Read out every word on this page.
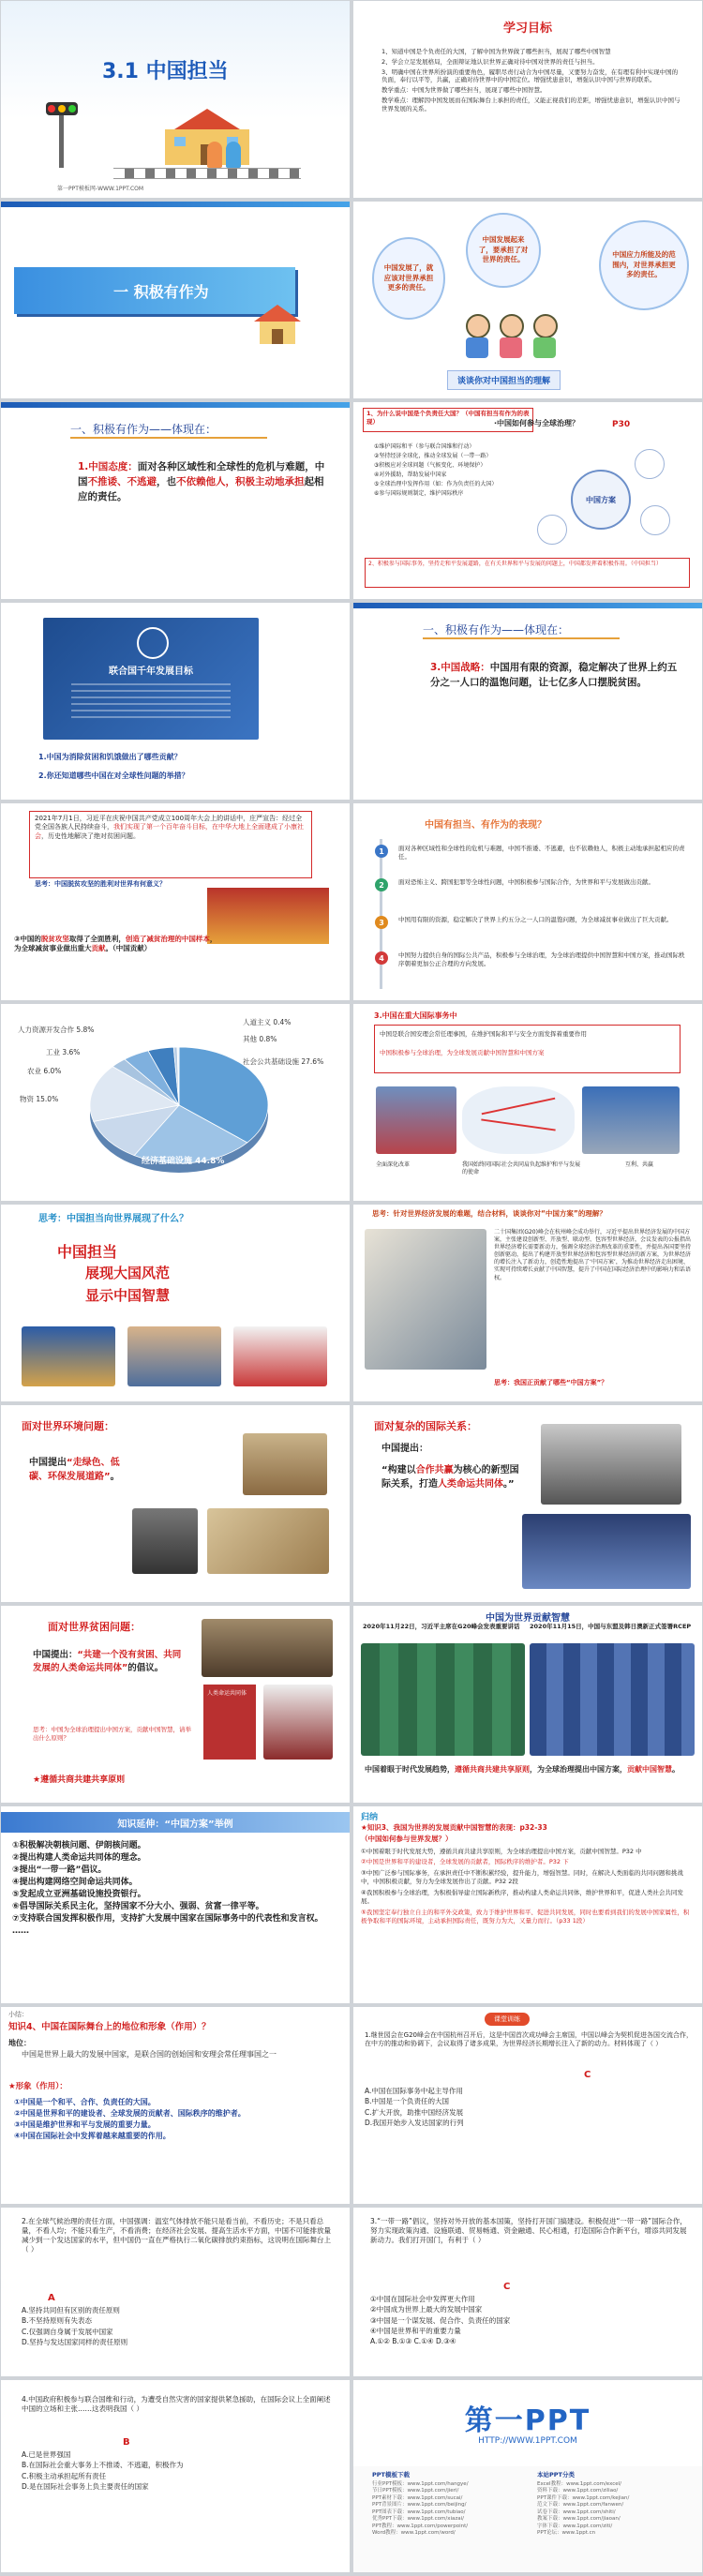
3.1 中国担当
第一PPT模板网-WWW.1PPT.COM
学习目标
1、知道中国是个负责任的大国，了解中国为世界做了哪些担当，展现了哪些中国智慧
2、学会立足发展格局，全面辩证地认识世界正确对待中国对世界的责任与担当。
3、明确中国在世界所扮演的重要角色，履职尽责行动合为中国尽量，又要努力奋发，在有理有利中实现中国的负面，奉行以平等，共赢，正确对待世界中的中国定位。增强忧患意识，增强认识中国与世界的联系。
教学重点：中国为世界做了哪些担当，展现了哪些中国智慧。
教学难点：理解因中国发展而在国际舞台上承担的责任，又能正视我们的差距，增强忧患意识，增强认识中国与世界发展的关系。
一 积极有作为
中国发展了，就应该对世界承担更多的责任。
中国发展起来了，要承担了对世界的责任。
中国应力所能及的范围内，对世界承担更多的责任。
谈谈你对中国担当的理解
一、积极有作为——体现在：
1.中国态度：面对各种区域性和全球性的危机与难题，中国不推诿、不逃避，也不依赖他人，积极主动地承担起相应的责任。
1、为什么说中国是个负责任大国？（中国有担当有作为的表现）	·中国如何参与全球治理？	P30
①维护国际和平（参与联合国维和行动）
②坚持经济全球化，推动全球发展（一带一路）
③积极应对全球问题（气候变化、环境保护）
④对外援助，帮助发展中国家
⑤全球治理中发挥作用（如：作为负责任的大国）
⑥参与国际规则制定，维护国际秩序
中国方案
2、积极参与国际事务，坚持走和平发展道路，在有关世界和平与发展的问题上，中国都发挥着积极作用。（中国担当）
联合国千年发展目标
1.中国为消除贫困和饥饿做出了哪些贡献？
2.你还知道哪些中国在对全球性问题的举措？
一、积极有作为——体现在：
3.中国战略：中国用有限的资源，稳定解决了世界上约五分之一人口的温饱问题，让七亿多人口摆脱贫困。
2021年7月1日，习近平在庆祝中国共产党成立100周年大会上的讲话中，庄严宣告：经过全党全国各族人民持续奋斗，我们实现了第一个百年奋斗目标，在中华大地上全面建成了小康社会，历史性地解决了绝对贫困问题。
思考：中国脱贫攻坚的胜利对世界有何意义？
③中国的脱贫攻坚取得了全面胜利，创造了减贫治理的中国样本，为全球减贫事业做出重大贡献。（中国贡献）
中国有担当、有作为的表现？
1
2
3
4
面对各种区域性和全球性的危机与难题，中国不推诿、不逃避，也不依赖他人，积极主动地承担起相应的责任。
面对恐怖主义、跨国犯罪等全球性问题，中国积极参与国际合作，为世界和平与发展做出贡献。
中国用有限的资源，稳定解决了世界上约五分之一人口的温饱问题，为全球减贫事业做出了巨大贡献。
中国努力提供自身的国际公共产品，积极参与全球治理，为全球治理提供中国智慧和中国方案，推动国际秩序朝着更加公正合理的方向发展。
人力资源开发合作 5.8%
工业 3.6%
农业 6.0%
物资 15.0%
经济基础设施 44.8%
社会公共基础设施 27.6%
人道主义 0.4%
其他 0.8%
3.中国在重大国际事务中
中国是联合国安理会常任理事国，在维护国际和平与安全方面发挥着重要作用
中国积极参与全球治理，为全球发展贡献中国智慧和中国方案
全面深化改革	我国始终同国际社会共同肩负起维护和平与发展的使命
互利、共赢
思考：中国担当向世界展现了什么？
中国担当
展现大国风范
显示中国智慧
思考：针对世界经济发展的难题，结合材料，谈谈你对“中国方案”的理解？
二十国集团(G20)峰会在杭州峰会成功举行，习近平提出世界经济发展的中国方案，主张建设创新型、开放型、联动型、包容型世界经济，会议发表的公报指出世界经济增长需要新动力，强调全球经济治理改革的重要性，并提出各国要坚持创新驱动，提出了构建开放型世界经济和包容型世界经济的新方案，为世界经济的增长注入了新动力，创造性地提出了‘中国方案’，为推动世界经济走出困境、实现可持续增长贡献了中国智慧，提升了中国在国际经济治理中的影响力和话语权。
思考：我国正贡献了哪些“中国方案”？
面对世界环境问题：
中国提出“走绿色、低碳、环保发展道路”。
面对复杂的国际关系：
中国提出：
“构建以合作共赢为核心的新型国际关系，打造人类命运共同体。”
面对世界贫困问题：
中国提出：“共建一个没有贫困、共同发展的人类命运共同体”的倡议。
人类命运共同体
思考：中国为全球治理提出中国方案，贡献中国智慧，请举出什么原则？
★遵循共商共建共享原则
中国为世界贡献智慧
2020年11月22日，习近平主席在G20峰会发表重要讲话	2020年11月15日，中国与东盟及韩日澳新正式签署RCEP
中国着眼于时代发展趋势，遵循共商共建共享原则，为全球治理提出中国方案，贡献中国智慧。
知识延伸：“中国方案”举例
①积极解决朝核问题、伊朗核问题。
②提出构建人类命运共同体的理念。
③提出“一带一路”倡议。
④提出构建网络空间命运共同体。
⑤发起成立亚洲基础设施投资银行。
⑥倡导国际关系民主化，坚持国家不分大小、强弱、贫富一律平等。
⑦支持联合国发挥积极作用，支持扩大发展中国家在国际事务中的代表性和发言权。
……
归纳
★知识3、我国为世界的发展贡献中国智慧的表现：p32-33
（中国如何参与世界发展？）
①中国着眼于时代发展大势，遵循共商共建共享原则，为全球治理提出中国方案，贡献中国智慧。P32 中
②中国是世界和平的建设者，全球发展的贡献者，国际秩序的维护者。P32 下
③中国广泛参与国际事务，在承担责任中不断积累经验，提升能力，增强智慧。同时，在解决人类面临的共同问题和挑战中，中国积极贡献，努力为全球发展作出了贡献。P32 2段
④我国积极参与全球治理，为积极倡导建立国际新秩序，推动构建人类命运共同体，维护世界和平，促进人类社会共同发展。
⑤我国坚定奉行独立自主的和平外交政策，致力于维护世界和平、促进共同发展，同时也要看到我们的发展中国家属性，积极争取和平的国际环境，主动承担国际责任，既努力为大，又量力而行。（p33 1段）
小结：
知识4、中国在国际舞台上的地位和形象（作用）？
地位：
中国是世界上最大的发展中国家，是联合国的创始国和安理会常任理事国之一
★形象（作用）：
①中国是一个和平、合作、负责任的大国。
②中国是世界和平的建设者、全球发展的贡献者、国际秩序的维护者。
③中国是维护世界和平与发展的重要力量。
④中国在国际社会中发挥着越来越重要的作用。
课堂训练
1.继世园会在G20峰会在中国杭州召开后，这是中国首次成功峰会主席国，中国以峰会为契机促进各国交流合作，在中方的推动和协调下，会议取得了诸多成果，为世界经济长期增长注入了新的动力。材料体现了（ ）
C
A.中国在国际事务中起主导作用
B.中国是一个负责任的大国
C.扩大开放，助推中国经济发展
D.我国开始步入发达国家的行列
2.在全球气候治理的责任方面，中国强调：温室气体排放不能只是看当前，不看历史；不是只看总量，不看人均；不能只看生产，不看消费；在经济社会发展、提高生活水平方面，中国不可能排放量减少到一个发达国家的水平，但中国仍一直在严格执行二氧化碳排放约束指标，这说明在国际舞台上（ ）
A
A.坚持共同但有区别的责任原则
B.不坚持原则有失表态
C.仅强调自身属于发展中国家
D.坚持与发达国家同样的责任原则
3.“一带一路”倡议，坚持对外开放的基本国策，坚持打开国门搞建设。积极促进“一带一路”国际合作，努力实现政策沟通、设施联通、贸易畅通、资金融通、民心相通，打造国际合作新平台，增添共同发展新动力。我们打开国门，有利于（ ）
C
①中国在国际社会中发挥更大作用
②中国成为世界上最大的发展中国家
③中国是一个谋发展、促合作、负责任的国家
④中国是世界和平的重要力量
A.①② B.①③ C.①④ D.③④
4.中国政府积极参与联合国维和行动，为遭受自然灾害的国家提供紧急援助，在国际会议上全面阐述中国的立场和主张……这表明我国（ ）
B
A.已是世界强国
B.在国际社会重大事务上不推诿、不逃避，积极作为
C.积极主动承担起所有责任
D.是在国际社会事务上负主要责任的国家
第一PPT
HTTP://WWW.1PPT.COM
PPT模板下载	本站PPT分类
行业PPT模板：www.1ppt.com/hangye/
节日PPT模板：www.1ppt.com/jieri/
PPT素材下载：www.1ppt.com/sucai/
PPT背景图片：www.1ppt.com/beijing/
PPT图表下载：www.1ppt.com/tubiao/
优秀PPT下载：www.1ppt.com/xiazai/
PPT教程：www.1ppt.com/powerpoint/
Word教程：www.1ppt.com/word/
Excel教程：www.1ppt.com/excel/
资料下载：www.1ppt.com/ziliao/
PPT课件下载：www.1ppt.com/kejian/
范文下载：www.1ppt.com/fanwen/
试卷下载：www.1ppt.com/shiti/
教案下载：www.1ppt.com/jiaoan/
字体下载：www.1ppt.com/ziti/
PPT论坛：www.1ppt.cn
